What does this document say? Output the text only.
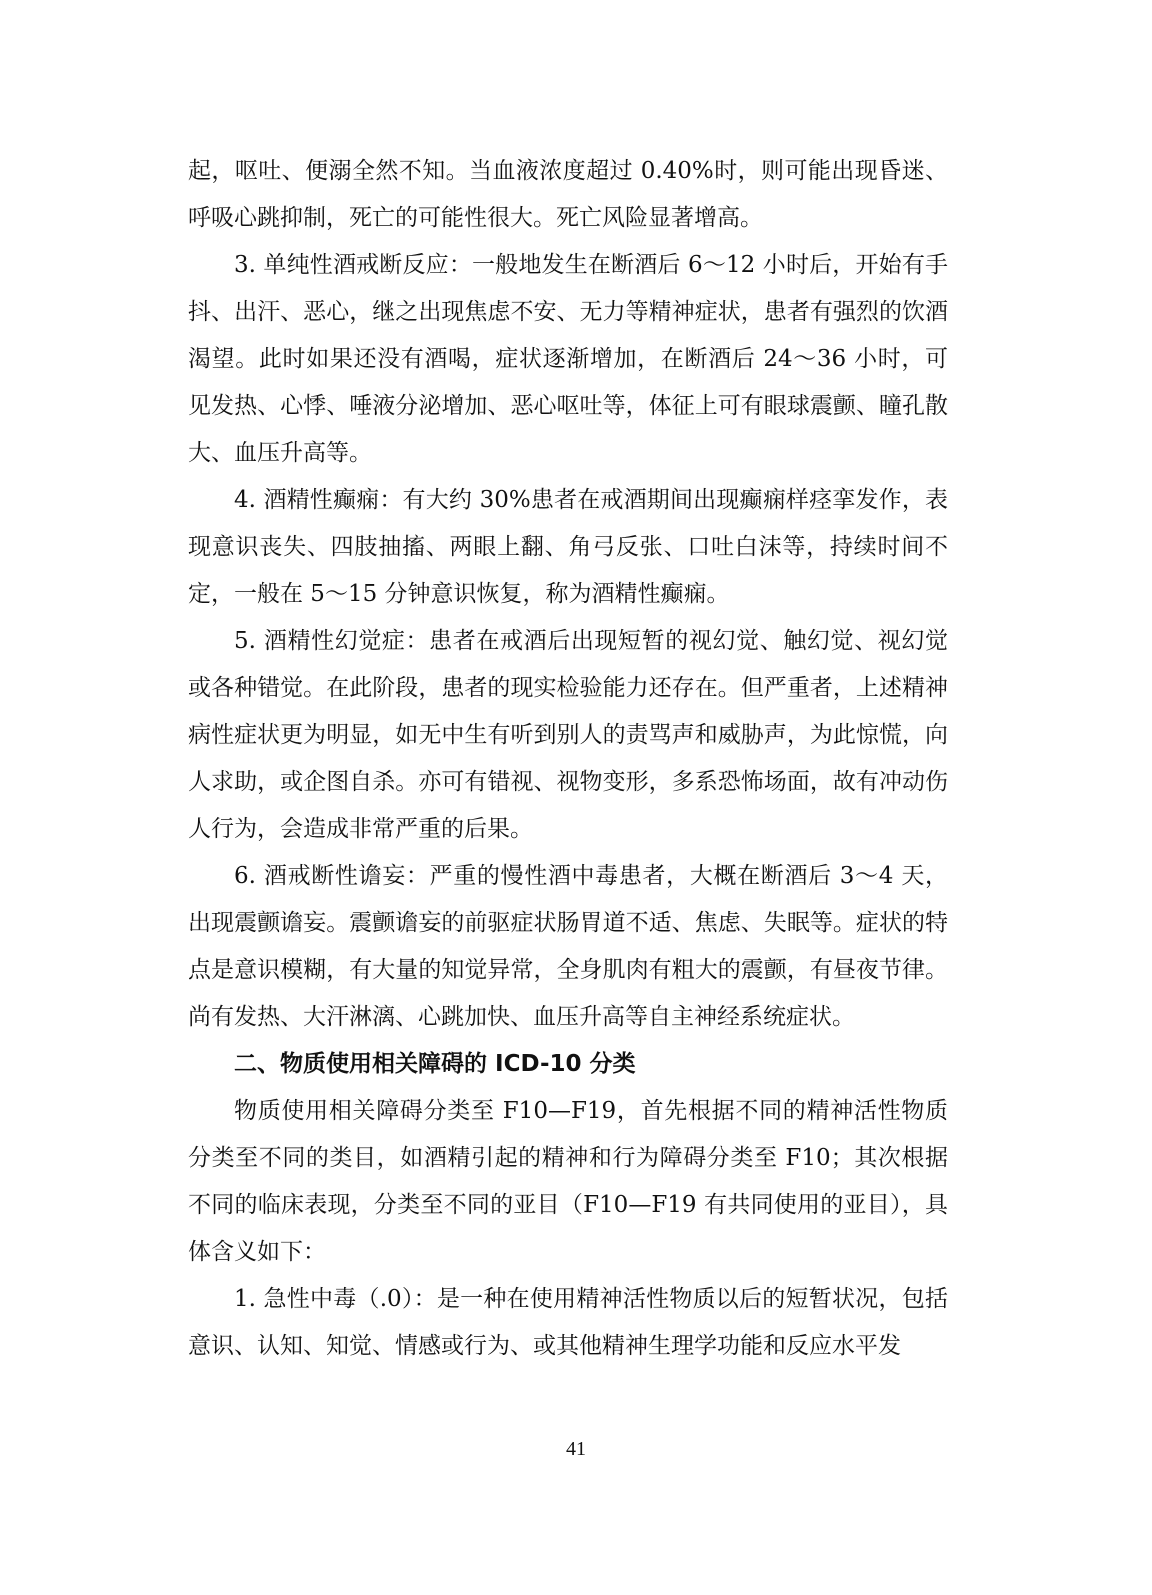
起，呕吐、便溺全然不知。当血液浓度超过 0.40%时，则可能出现昏迷、呼吸心跳抑制，死亡的可能性很大。死亡风险显著增高。

3. 单纯性酒戒断反应：一般地发生在断酒后 6～12 小时后，开始有手抖、出汗、恶心，继之出现焦虑不安、无力等精神症状，患者有强烈的饮酒渴望。此时如果还没有酒喝，症状逐渐增加，在断酒后 24～36 小时，可见发热、心悸、唾液分泌增加、恶心呕吐等，体征上可有眼球震颤、瞳孔散大、血压升高等。

4. 酒精性癫痫：有大约 30%患者在戒酒期间出现癫痫样痉挛发作，表现意识丧失、四肢抽搐、两眼上翻、角弓反张、口吐白沫等，持续时间不定，一般在 5～15 分钟意识恢复，称为酒精性癫痫。

5. 酒精性幻觉症：患者在戒酒后出现短暂的视幻觉、触幻觉、视幻觉或各种错觉。在此阶段，患者的现实检验能力还存在。但严重者，上述精神病性症状更为明显，如无中生有听到别人的责骂声和威胁声，为此惊慌，向人求助，或企图自杀。亦可有错视、视物变形，多系恐怖场面，故有冲动伤人行为，会造成非常严重的后果。

6. 酒戒断性谵妄：严重的慢性酒中毒患者，大概在断酒后 3～4 天，出现震颤谵妄。震颤谵妄的前驱症状肠胃道不适、焦虑、失眠等。症状的特点是意识模糊，有大量的知觉异常，全身肌肉有粗大的震颤，有昼夜节律。尚有发热、大汗淋漓、心跳加快、血压升高等自主神经系统症状。

二、物质使用相关障碍的 ICD-10 分类

物质使用相关障碍分类至 F10—F19，首先根据不同的精神活性物质分类至不同的类目，如酒精引起的精神和行为障碍分类至 F10；其次根据不同的临床表现，分类至不同的亚目（F10—F19 有共同使用的亚目），具体含义如下：

1. 急性中毒（.0）：是一种在使用精神活性物质以后的短暂状况，包括意识、认知、知觉、情感或行为、或其他精神生理学功能和反应水平发

41
